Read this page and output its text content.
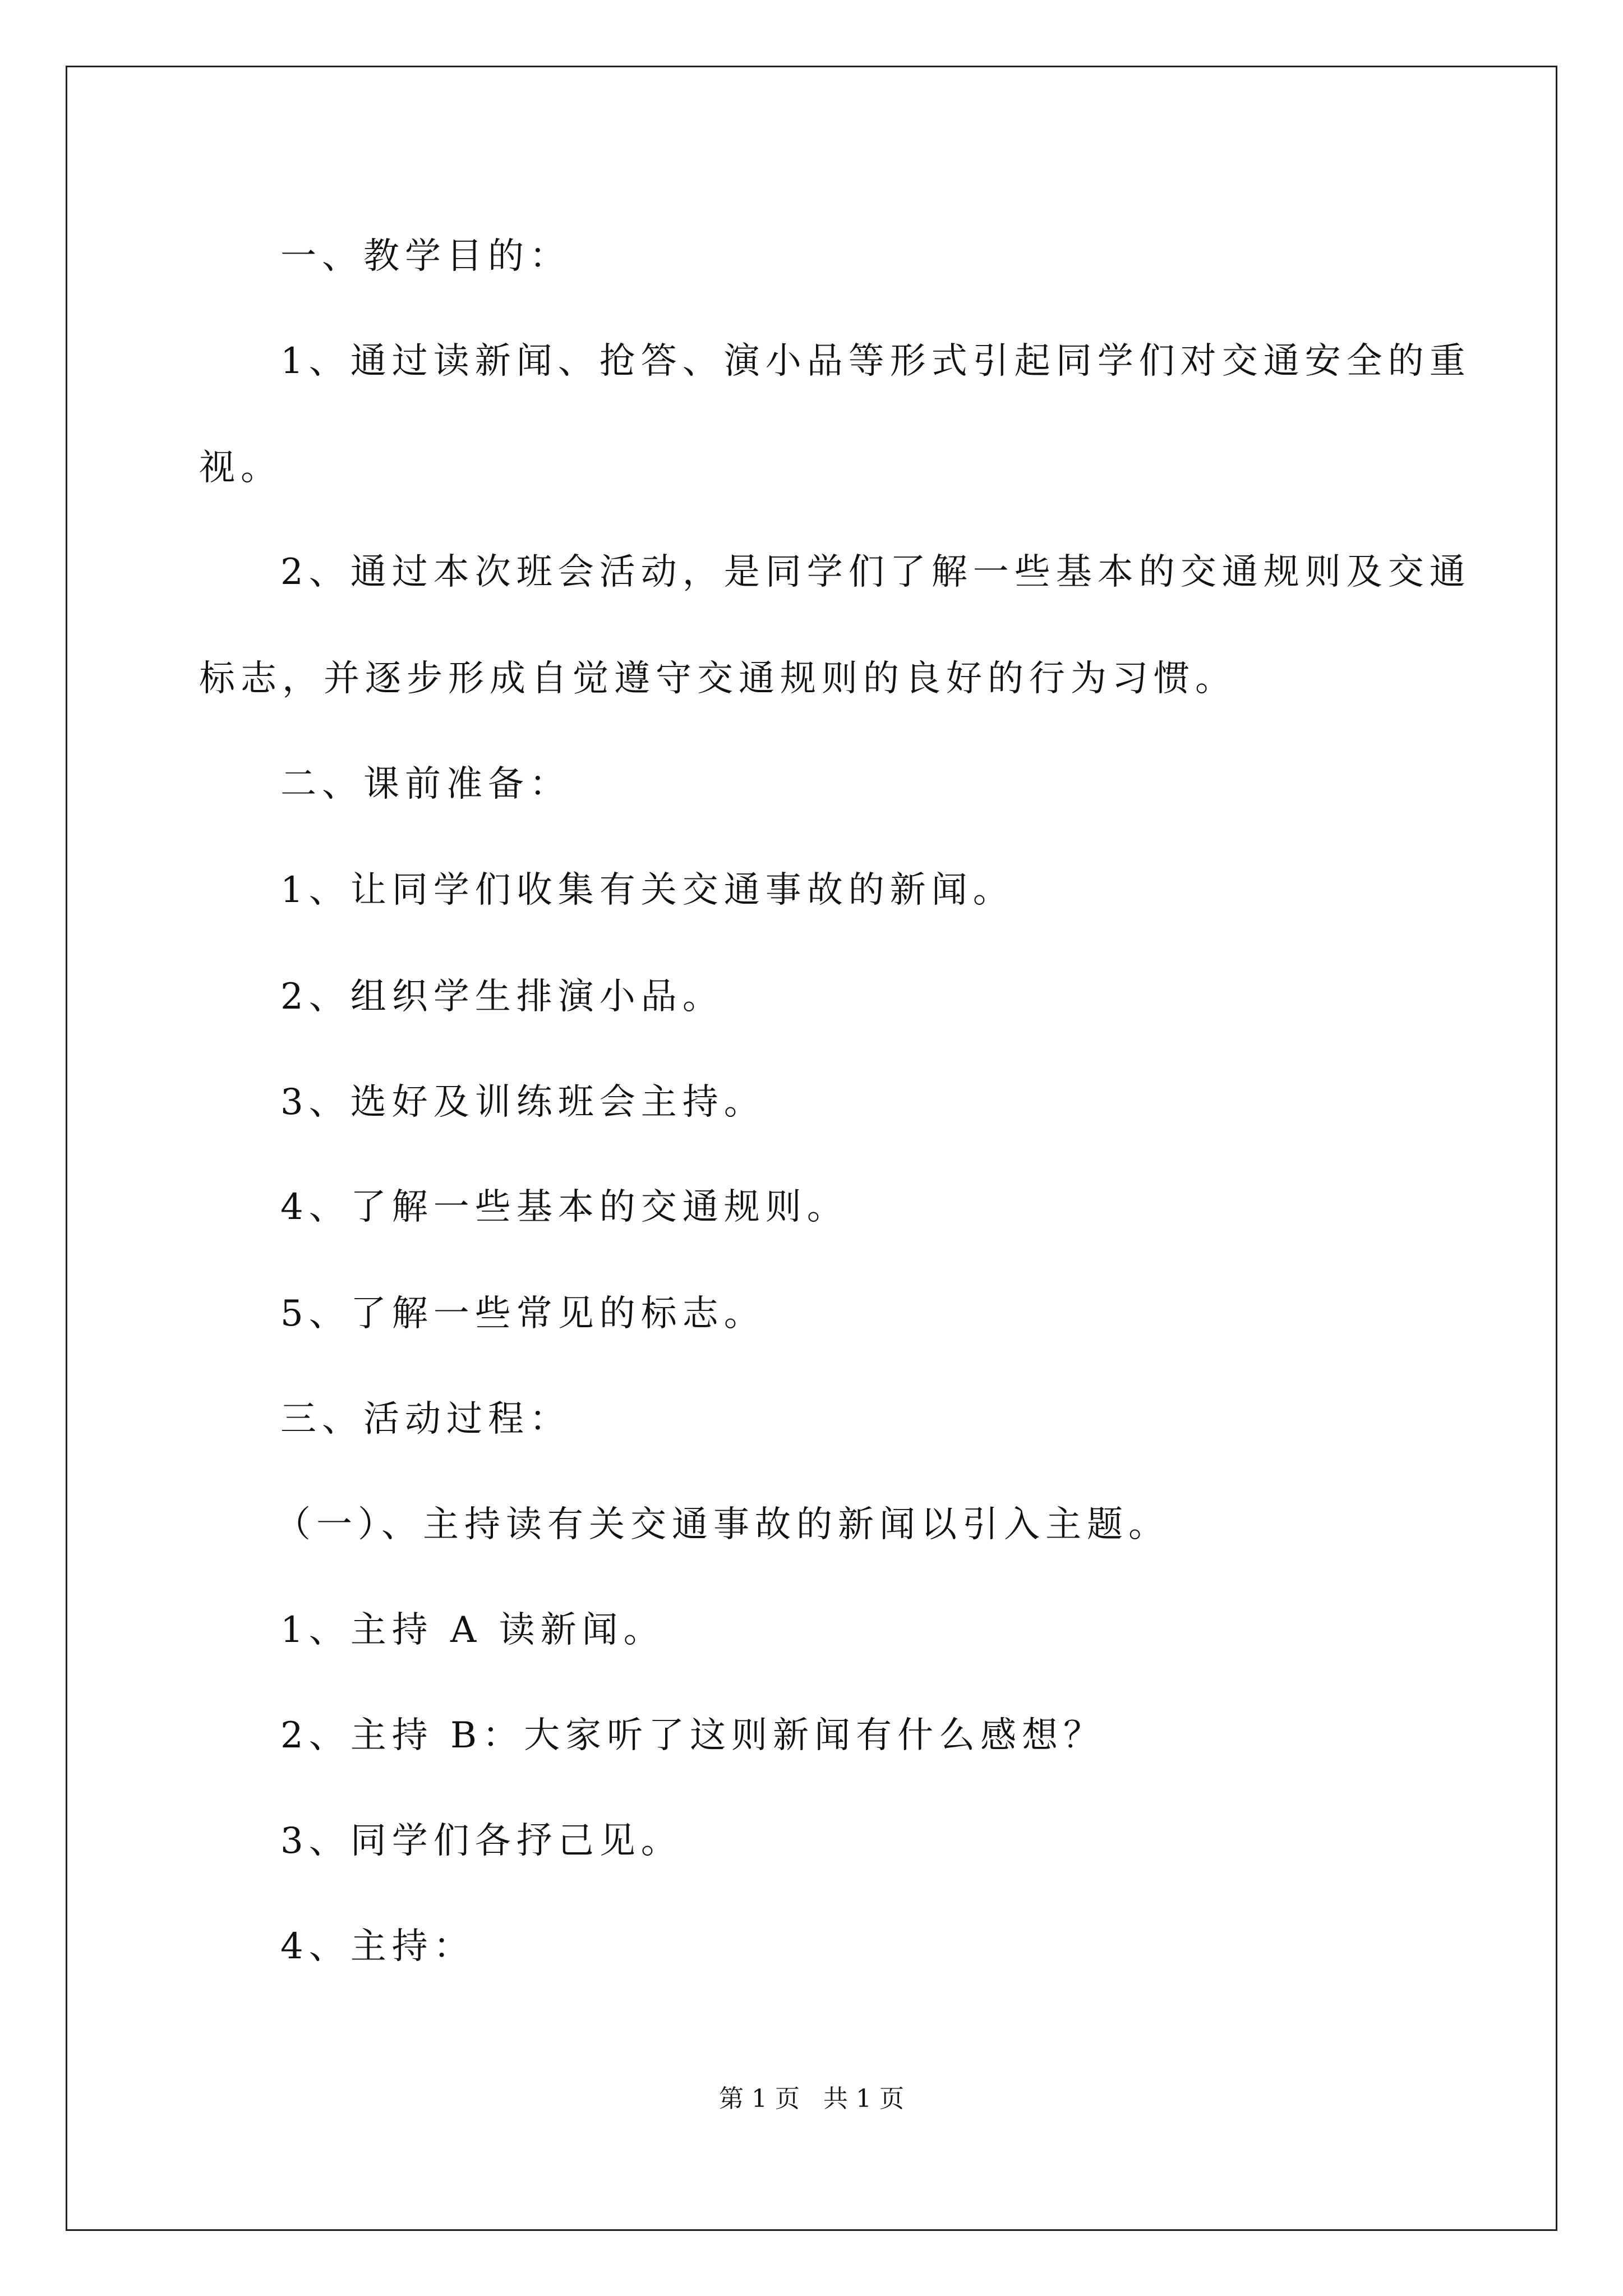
一、教学目的：
1、通过读新闻、抢答、演小品等形式引起同学们对交通安全的重
视。
2、通过本次班会活动，是同学们了解一些基本的交通规则及交通
标志，并逐步形成自觉遵守交通规则的良好的行为习惯。
二、课前准备：
1、让同学们收集有关交通事故的新闻。
2、组织学生排演小品。
3、选好及训练班会主持。
4、了解一些基本的交通规则。
5、了解一些常见的标志。
三、活动过程：
（一）、主持读有关交通事故的新闻以引入主题。
1、主持 A 读新闻。
2、主持 B：大家听了这则新闻有什么感想？
3、同学们各抒己见。
4、主持：
第 1 页   共 1 页
